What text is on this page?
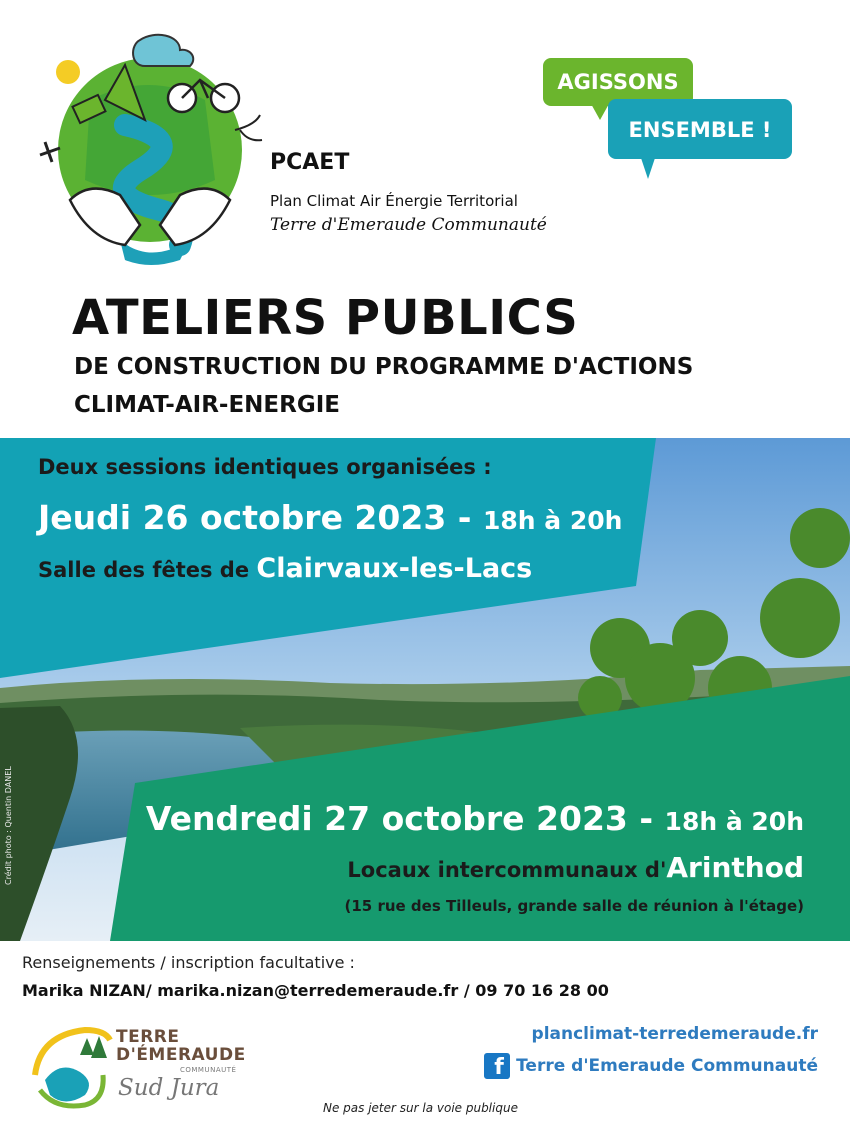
PCAET
Plan Climat Air Énergie Territorial
Terre d'Emeraude Communauté
AGISSONS
ENSEMBLE !
ATELIERS PUBLICS
DE CONSTRUCTION DU PROGRAMME D'ACTIONS
CLIMAT-AIR-ENERGIE
Deux sessions identiques organisées :
Jeudi 26 octobre 2023 - 18h à 20h
Salle des fêtes de Clairvaux-les-Lacs
Vendredi 27 octobre 2023 - 18h à 20h
Locaux intercommunaux d'Arinthod
(15 rue des Tilleuls, grande salle de réunion à l'étage)
Crédit photo : Quentin DANEL
Renseignements / inscription facultative :
Marika NIZAN/ marika.nizan@terredemeraude.fr / 09 70 16 28 00
TERRE
D'ÉMERAUDE
COMMUNAUTÉ
Sud Jura
planclimat-terredemeraude.fr
f Terre d'Emeraude Communauté
Ne pas jeter sur la voie publique
